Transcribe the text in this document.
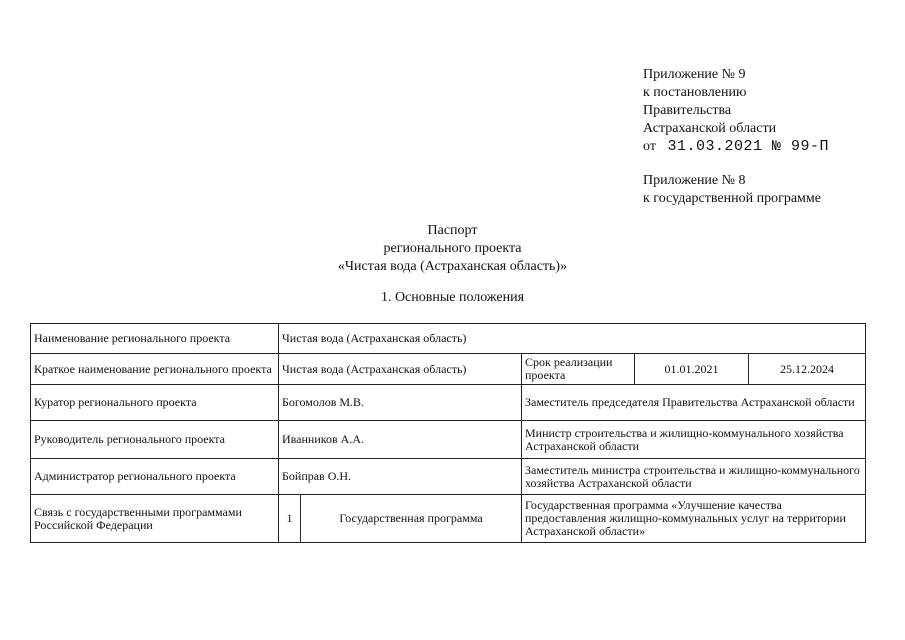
Приложение № 9
к постановлению
Правительства
Астраханской области
от 31.03.2021 № 99-П
Приложение № 8
к государственной программе
Паспорт
регионального проекта
«Чистая вода (Астраханская область)»
1. Основные положения
Наименование регионального проекта	Чистая вода (Астраханская область)				
Краткое наименование регионального проекта	Чистая вода (Астраханская область)		Срок реализации проекта	01.01.2021	25.12.2024
Куратор регионального проекта	Богомолов М.В.		Заместитель председателя Правительства Астраханской области		
Руководитель регионального проекта	Иванников А.А.		Министр строительства и жилищно-коммунального хозяйства Астраханской области		
Администратор регионального проекта	Бойправ О.Н.		Заместитель министра строительства и жилищно-коммунального хозяйства Астраханской области		
Связь с государственными программами Российской Федерации	1	Государственная программа	Государственная программа «Улучшение качества предоставления жилищно-коммунальных услуг на территории Астраханской области»		
